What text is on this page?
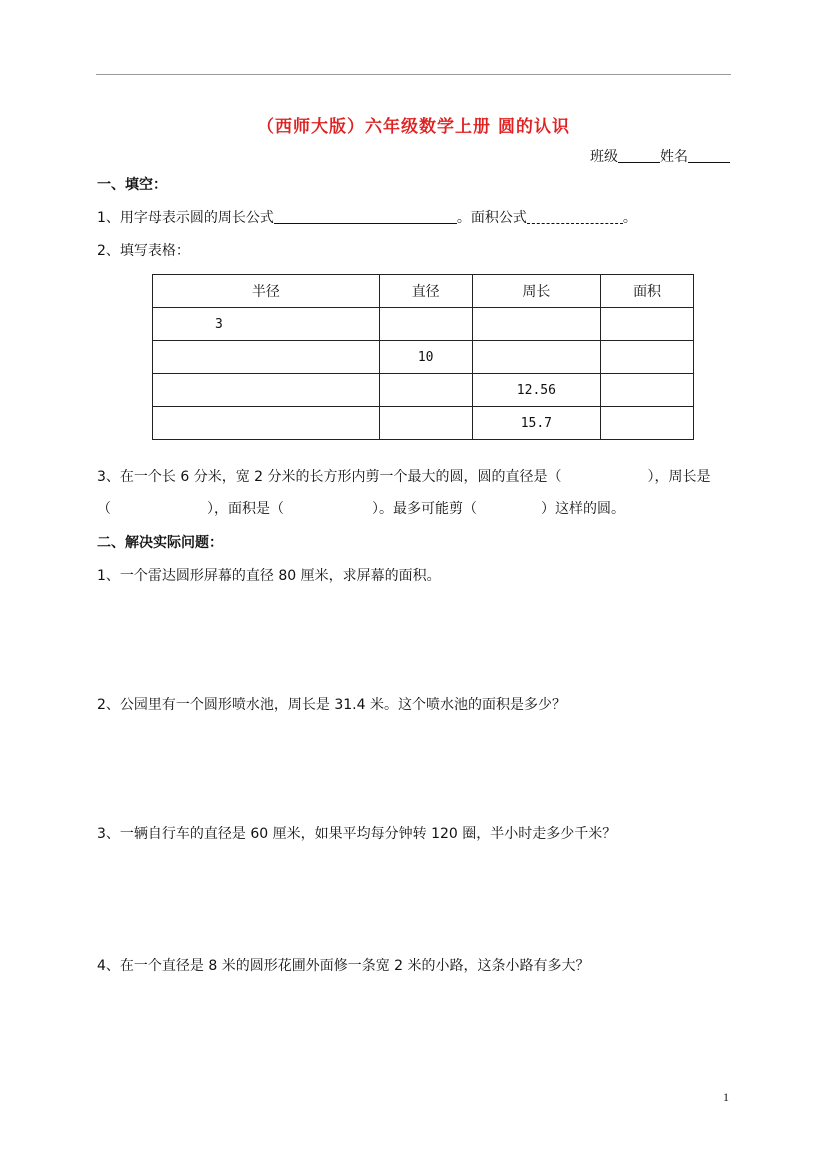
（西师大版）六年级数学上册 圆的认识
班级	姓名
一、填空：
1、用字母表示圆的周长公式	。面积公式	。
2、填写表格：
半径	直径	周长	面积
3			
	10		
		12.56	
		15.7	
3、在一个长 6 分米，宽 2 分米的长方形内剪一个最大的圆，圆的直径是（	），周长是
（	），面积是（	）。最多可能剪（	）这样的圆。
二、解决实际问题：
1、一个雷达圆形屏幕的直径 80 厘米，求屏幕的面积。
2、公园里有一个圆形喷水池，周长是 31.4 米。这个喷水池的面积是多少？
3、一辆自行车的直径是 60 厘米，如果平均每分钟转 120 圈，半小时走多少千米？
4、在一个直径是 8 米的圆形花圃外面修一条宽 2 米的小路，这条小路有多大？
1
